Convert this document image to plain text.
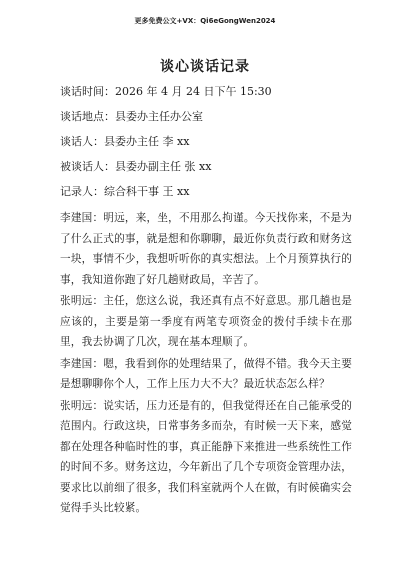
更多免费公文+VX：Qi6eGongWen2024
谈心谈话记录
谈话时间：2026 年 4 月 24 日下午 15:30
谈话地点：县委办主任办公室
谈话人：县委办主任 李 xx
被谈话人：县委办副主任 张 xx
记录人：综合科干事 王 xx

李建国：明远，来，坐，不用那么拘谨。今天找你来，不是为了什么正式的事，就是想和你聊聊，最近你负责行政和财务这一块，事情不少，我想听听你的真实想法。上个月预算执行的事，我知道你跑了好几趟财政局，辛苦了。

张明远：主任，您这么说，我还真有点不好意思。那几趟也是应该的，主要是第一季度有两笔专项资金的拨付手续卡在那里，我去协调了几次，现在基本理顺了。

李建国：嗯，我看到你的处理结果了，做得不错。我今天主要是想聊聊你个人，工作上压力大不大？最近状态怎么样？

张明远：说实话，压力还是有的，但我觉得还在自己能承受的范围内。行政这块，日常事务多而杂，有时候一天下来，感觉都在处理各种临时性的事，真正能静下来推进一些系统性工作的时间不多。财务这边，今年新出了几个专项资金管理办法，要求比以前细了很多，我们科室就两个人在做，有时候确实会觉得手头比较紧。
